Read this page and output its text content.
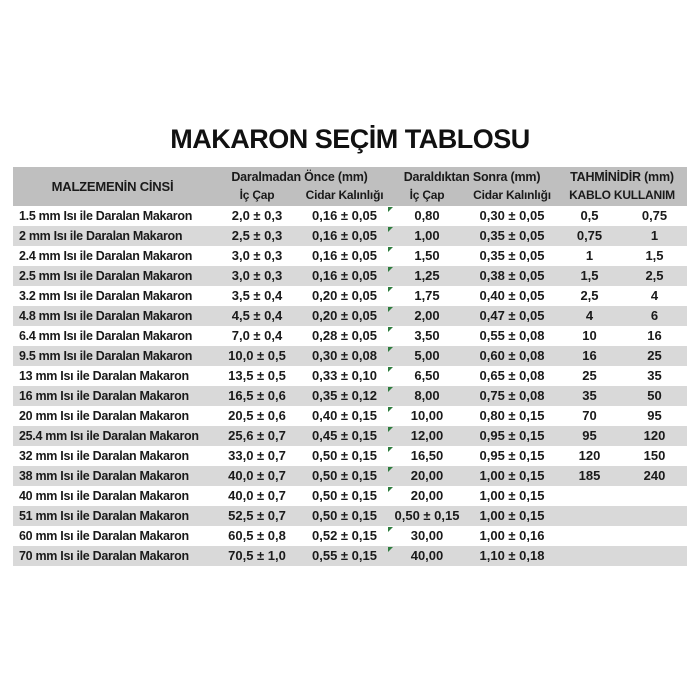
MAKARON SEÇİM TABLOSU
MALZEMENİN CİNSİ
Daralmadan Önce (mm)
İç Çap	Cidar Kalınlığı
Daraldıktan Sonra (mm)
İç Çap	Cidar Kalınlığı
TAHMİNİDİR (mm)
KABLO KULLANIM
1.5 mm Isı ile Daralan Makaron	2,0 ± 0,3	0,16 ± 0,05	0,80	0,30 ± 0,05	0,5	0,75
2 mm Isı ile Daralan Makaron	2,5 ± 0,3	0,16 ± 0,05	1,00	0,35 ± 0,05	0,75	1
2.4 mm Isı ile Daralan Makaron	3,0 ± 0,3	0,16 ± 0,05	1,50	0,35 ± 0,05	1	1,5
2.5 mm Isı ile Daralan Makaron	3,0 ± 0,3	0,16 ± 0,05	1,25	0,38 ± 0,05	1,5	2,5
3.2 mm Isı ile Daralan Makaron	3,5 ± 0,4	0,20 ± 0,05	1,75	0,40 ± 0,05	2,5	4
4.8 mm Isı ile Daralan Makaron	4,5 ± 0,4	0,20 ± 0,05	2,00	0,47 ± 0,05	4	6
6.4 mm Isı ile Daralan Makaron	7,0 ± 0,4	0,28 ± 0,05	3,50	0,55 ± 0,08	10	16
9.5 mm Isı ile Daralan Makaron	10,0 ± 0,5	0,30 ± 0,08	5,00	0,60 ± 0,08	16	25
13 mm Isı ile Daralan Makaron	13,5 ± 0,5	0,33 ± 0,10	6,50	0,65 ± 0,08	25	35
16 mm Isı ile Daralan Makaron	16,5 ± 0,6	0,35 ± 0,12	8,00	0,75 ± 0,08	35	50
20 mm Isı ile Daralan Makaron	20,5 ± 0,6	0,40 ± 0,15	10,00	0,80 ± 0,15	70	95
25.4 mm Isı ile Daralan Makaron	25,6 ± 0,7	0,45 ± 0,15	12,00	0,95 ± 0,15	95	120
32 mm Isı ile Daralan Makaron	33,0 ± 0,7	0,50 ± 0,15	16,50	0,95 ± 0,15	120	150
38 mm Isı ile Daralan Makaron	40,0 ± 0,7	0,50 ± 0,15	20,00	1,00 ± 0,15	185	240
40 mm Isı ile Daralan Makaron	40,0 ± 0,7	0,50 ± 0,15	20,00	1,00 ± 0,15
51 mm Isı ile Daralan Makaron	52,5 ± 0,7	0,50 ± 0,15	0,50 ± 0,15	1,00 ± 0,15
60 mm Isı ile Daralan Makaron	60,5 ± 0,8	0,52 ± 0,15	30,00	1,00 ± 0,16
70 mm Isı ile Daralan Makaron	70,5 ± 1,0	0,55 ± 0,15	40,00	1,10 ± 0,18
